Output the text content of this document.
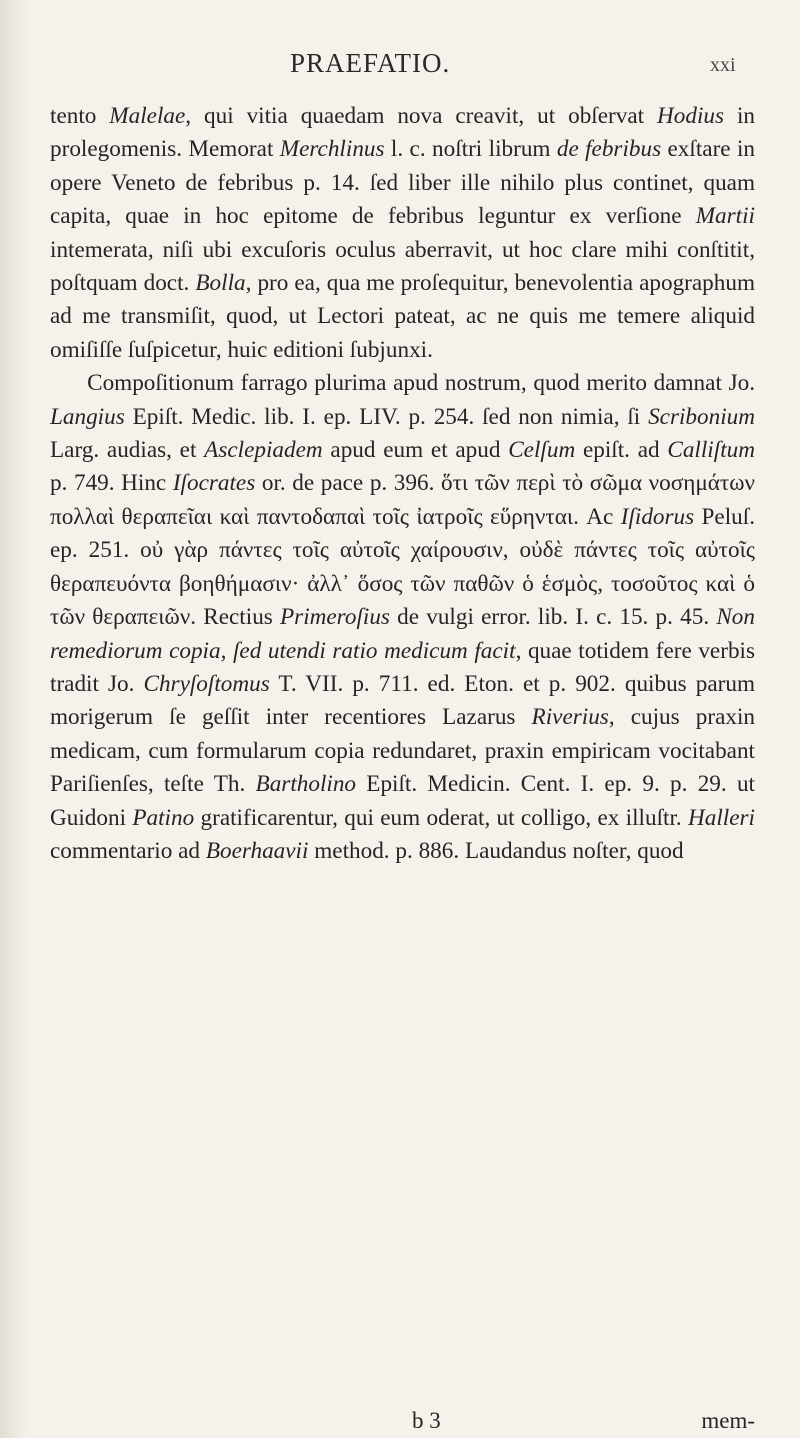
PRAEFATIO.	xxi

tento Malelae, qui vitia quaedam nova creavit, ut obſervat Hodius in prolegomenis. Memorat Merchlinus l. c. noſtri librum de febribus exſtare in opere Veneto de febribus p. 14. ſed liber ille nihilo plus continet, quam capita, quae in hoc epitome de febribus leguntur ex verſione Martii intemerata, niſi ubi excuſoris oculus aberravit, ut hoc clare mihi conſtitit, poſtquam doct. Bolla, pro ea, qua me proſequitur, benevolentia apographum ad me transmiſit, quod, ut Lectori pateat, ac ne quis me temere aliquid omiſiſſe ſuſpicetur, huic editioni ſubjunxi.

Compoſitionum farrago plurima apud nostrum, quod merito damnat Jo. Langius Epiſt. Medic. lib. I. ep. LIV. p. 254. ſed non nimia, ſi Scribonium Larg. audias, et Asclepiadem apud eum et apud Celſum epiſt. ad Calliſtum p. 749. Hinc Iſocrates or. de pace p. 396. ὅτι τῶν περὶ τὸ σῶμα νοσημάτων πολλαὶ θεραπεῖαι καὶ παντοδαπαὶ τοῖς ἰατροῖς εὕρηνται. Ac Iſidorus Peluſ. ep. 251. οὐ γὰρ πάντες τοῖς αὐτοῖς χαίρουσιν, οὐδὲ πάντες τοῖς αὐτοῖς θεραπευόντα βοηθήμασιν· ἀλλ᾽ ὅσος τῶν παθῶν ὁ ἑσμὸς, τοσοῦτος καὶ ὁ τῶν θεραπειῶν. Rectius Primeroſius de vulgi error. lib. I. c. 15. p. 45. Non remediorum copia, ſed utendi ratio medicum facit, quae totidem fere verbis tradit Jo. Chryſoſtomus T. VII. p. 711. ed. Eton. et p. 902. quibus parum morigerum ſe geſſit inter recentiores Lazarus Riverius, cujus praxin medicam, cum formularum copia redundaret, praxin empiricam vocitabant Pariſienſes, teſte Th. Bartholino Epiſt. Medicin. Cent. I. ep. 9. p. 29. ut Guidoni Patino gratificarentur, qui eum oderat, ut colligo, ex illuſtr. Halleri commentario ad Boerhaavii method. p. 886. Laudandus noſter, quod

b 3	mem-
